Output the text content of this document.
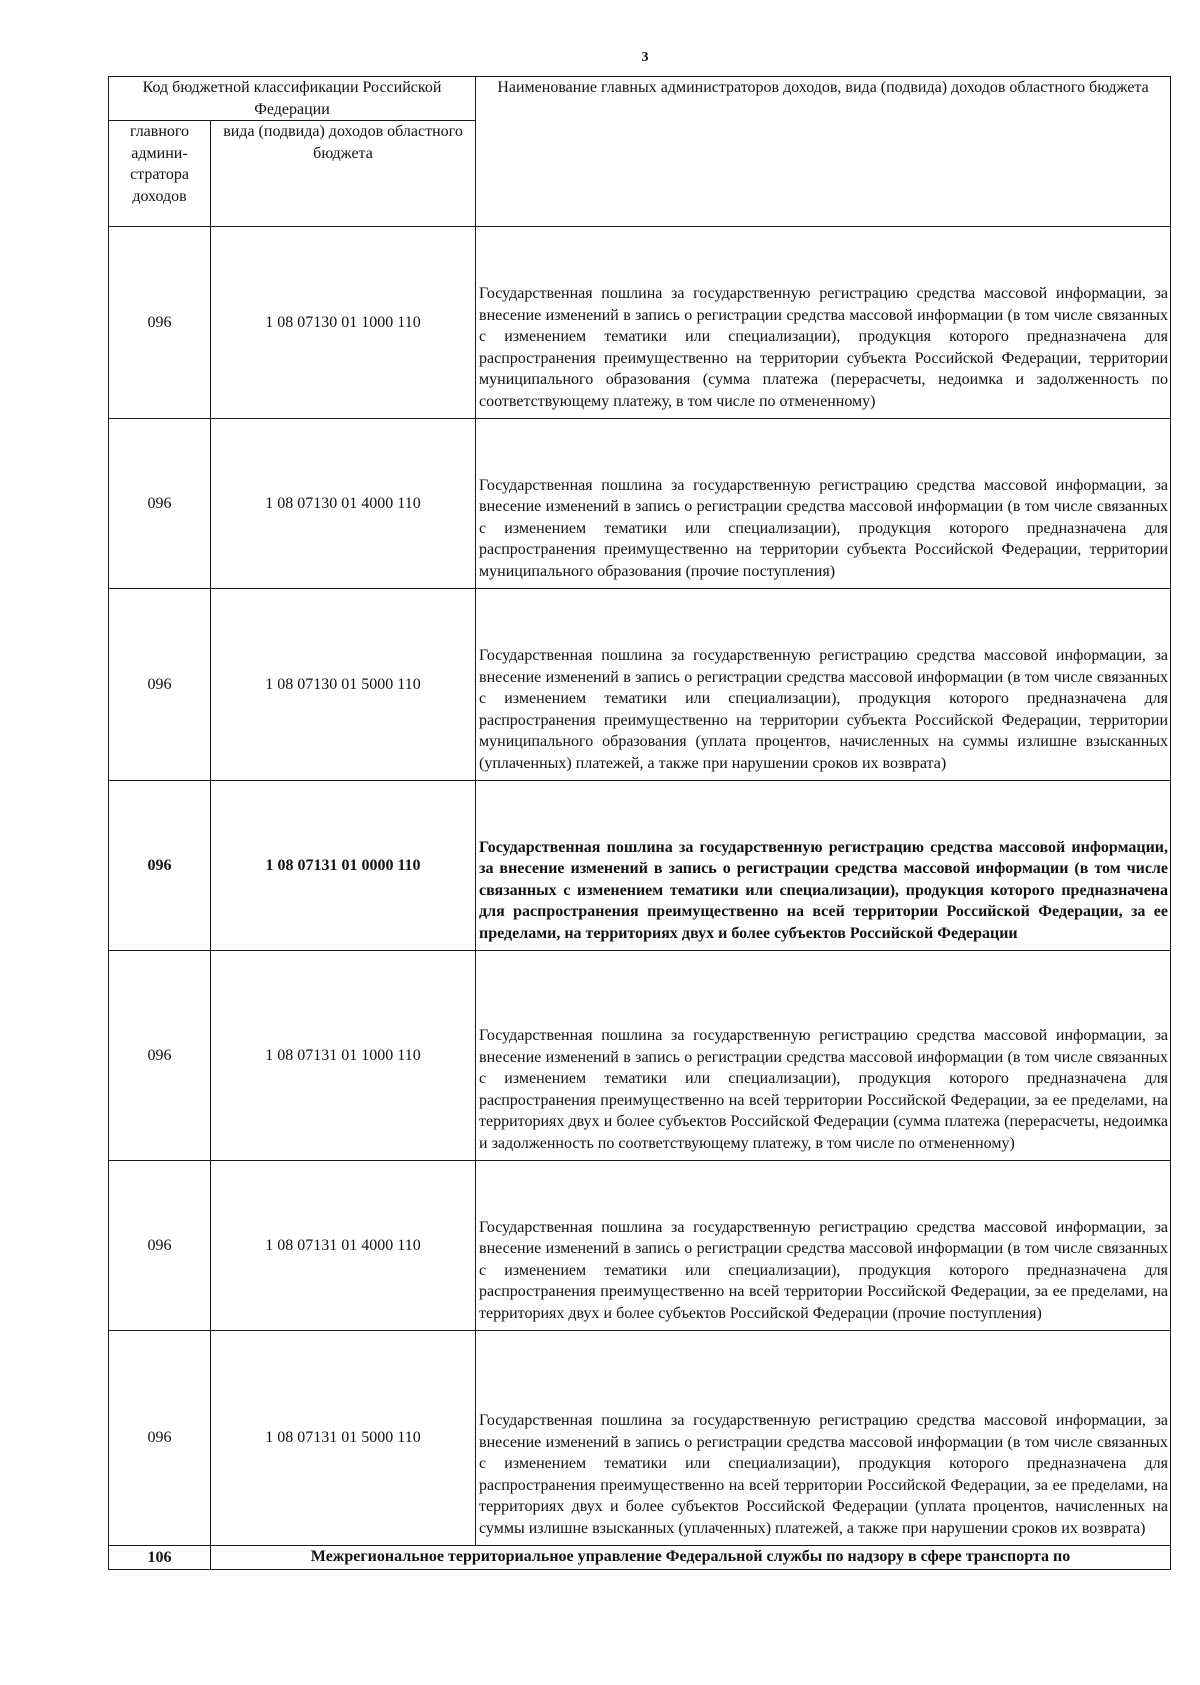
3
Код бюджетной классификации Российской Федерации		Наименование главных администраторов доходов, вида (подвида) доходов областного бюджета
главного админи-стратора доходов	вида (подвида) доходов областного бюджета	
096	1 08 07130 01 1000 110	Государственная пошлина за государственную регистрацию средства массовой информации, за внесение изменений в запись о регистрации средства массовой информации (в том числе связанных с изменением тематики или специализации), продукция которого предназначена для распространения преимущественно на территории субъекта Российской Федерации, территории муниципального образования (сумма платежа (перерасчеты, недоимка и задолженность по соответствующему платежу, в том числе по отмененному)
096	1 08 07130 01 4000 110	Государственная пошлина за государственную регистрацию средства массовой информации, за внесение изменений в запись о регистрации средства массовой информации (в том числе связанных с изменением тематики или специализации), продукция которого предназначена для распространения преимущественно на территории субъекта Российской Федерации, территории муниципального образования (прочие поступления)
096	1 08 07130 01 5000 110	Государственная пошлина за государственную регистрацию средства массовой информации, за внесение изменений в запись о регистрации средства массовой информации (в том числе связанных с изменением тематики или специализации), продукция которого предназначена для распространения преимущественно на территории субъекта Российской Федерации, территории муниципального образования (уплата процентов, начисленных на суммы излишне взысканных (уплаченных) платежей, а также при нарушении сроков их возврата)
096	1 08 07131 01 0000 110	Государственная пошлина за государственную регистрацию средства массовой информации, за внесение изменений в запись о регистрации средства массовой информации (в том числе связанных с изменением тематики или специализации), продукция которого предназначена для распространения преимущественно на всей территории Российской Федерации, за ее пределами, на территориях двух и более субъектов Российской Федерации
096	1 08 07131 01 1000 110	Государственная пошлина за государственную регистрацию средства массовой информации, за внесение изменений в запись о регистрации средства массовой информации (в том числе связанных с изменением тематики или специализации), продукция которого предназначена для распространения преимущественно на всей территории Российской Федерации, за ее пределами, на территориях двух и более субъектов Российской Федерации (сумма платежа (перерасчеты, недоимка и задолженность по соответствующему платежу, в том числе по отмененному)
096	1 08 07131 01 4000 110	Государственная пошлина за государственную регистрацию средства массовой информации, за внесение изменений в запись о регистрации средства массовой информации (в том числе связанных с изменением тематики или специализации), продукция которого предназначена для распространения преимущественно на всей территории Российской Федерации, за ее пределами, на территориях двух и более субъектов Российской Федерации (прочие поступления)
096	1 08 07131 01 5000 110	Государственная пошлина за государственную регистрацию средства массовой информации, за внесение изменений в запись о регистрации средства массовой информации (в том числе связанных с изменением тематики или специализации), продукция которого предназначена для распространения преимущественно на всей территории Российской Федерации, за ее пределами, на территориях двух и более субъектов Российской Федерации (уплата процентов, начисленных на суммы излишне взысканных (уплаченных) платежей, а также при нарушении сроков их возврата)
106	Межрегиональное территориальное управление Федеральной службы по надзору в сфере транспорта по	
